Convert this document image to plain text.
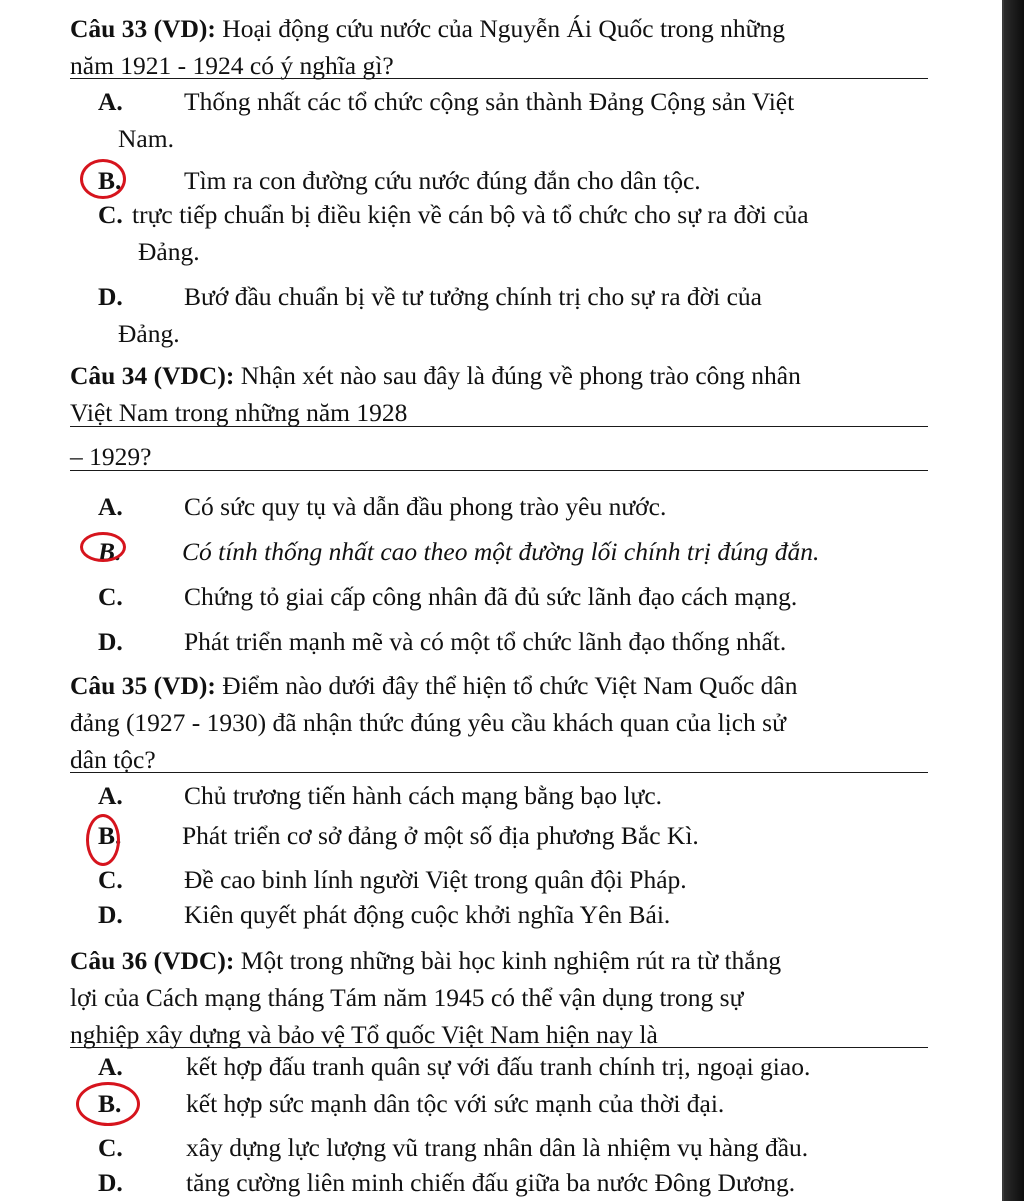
Câu 33 (VD): Hoại động cứu nước của Nguyễn Ái Quốc trong những
năm 1921 - 1924 có ý nghĩa gì?
A. Thống nhất các tổ chức cộng sản thành Đảng Cộng sản Việt
Nam.
B. Tìm ra con đường cứu nước đúng đắn cho dân tộc.
C. trực tiếp chuẩn bị điều kiện về cán bộ và tổ chức cho sự ra đời của
Đảng.
D. Bướ đầu chuẩn bị về tư tưởng chính trị cho sự ra đời của
Đảng.
Câu 34 (VDC): Nhận xét nào sau đây là đúng về phong trào công nhân
Việt Nam trong những năm 1928
– 1929?
A. Có sức quy tụ và dẫn đầu phong trào yêu nước.
B. Có tính thống nhất cao theo một đường lối chính trị đúng đắn.
C. Chứng tỏ giai cấp công nhân đã đủ sức lãnh đạo cách mạng.
D. Phát triển mạnh mẽ và có một tổ chức lãnh đạo thống nhất.
Câu 35 (VD): Điểm nào dưới đây thể hiện tổ chức Việt Nam Quốc dân
đảng (1927 - 1930) đã nhận thức đúng yêu cầu khách quan của lịch sử
dân tộc?
A. Chủ trương tiến hành cách mạng bằng bạo lực.
B. Phát triển cơ sở đảng ở một số địa phương Bắc Kì.
C. Đề cao binh lính người Việt trong quân đội Pháp.
D. Kiên quyết phát động cuộc khởi nghĩa Yên Bái.
Câu 36 (VDC): Một trong những bài học kinh nghiệm rút ra từ thắng
lợi của Cách mạng tháng Tám năm 1945 có thể vận dụng trong sự
nghiệp xây dựng và bảo vệ Tổ quốc Việt Nam hiện nay là
A. kết hợp đấu tranh quân sự với đấu tranh chính trị, ngoại giao.
B.	kết hợp sức mạnh dân tộc với sức mạnh của thời đại.
C. xây dựng lực lượng vũ trang nhân dân là nhiệm vụ hàng đầu.
D. tăng cường liên minh chiến đấu giữa ba nước Đông Dương.
